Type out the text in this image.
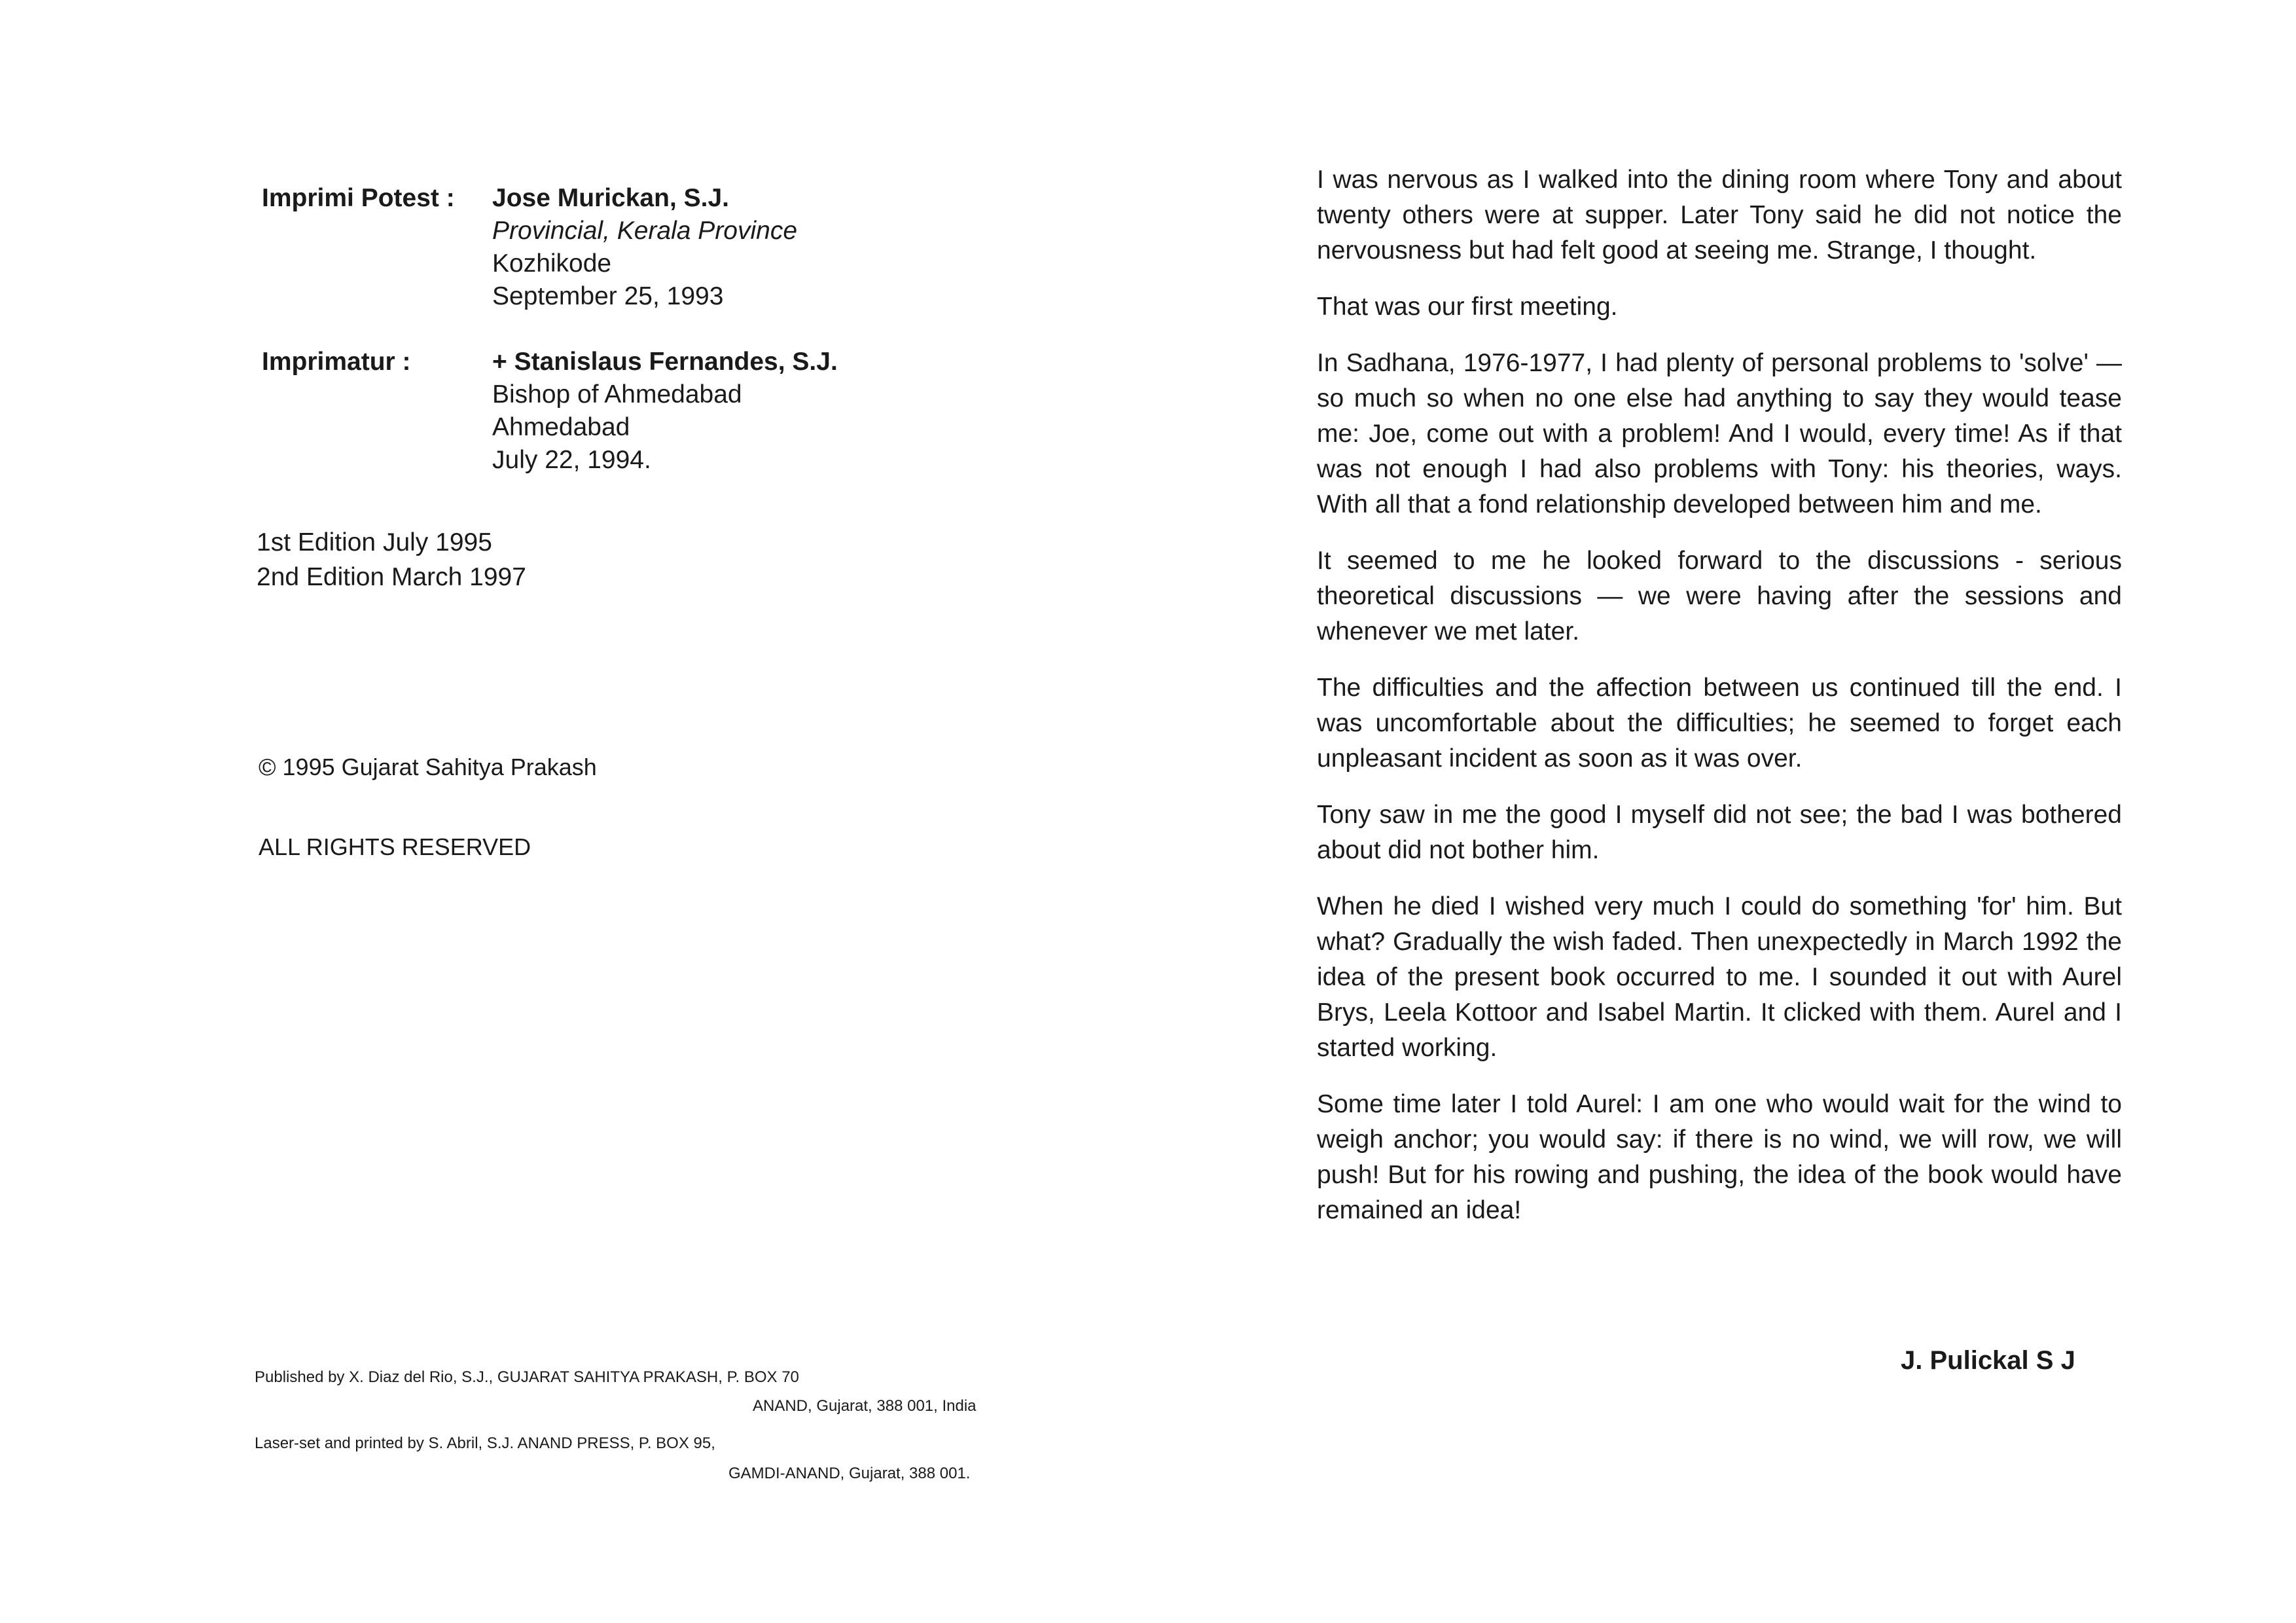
Imprimi Potest : Jose Murickan, S.J.
Provincial, Kerala Province
Kozhikode
September 25, 1993
Imprimatur :	+ Stanislaus Fernandes, S.J.
Bishop of Ahmedabad
Ahmedabad
July 22, 1994.
1st Edition July 1995
2nd Edition March 1997
© 1995 Gujarat Sahitya Prakash
ALL RIGHTS RESERVED
Published by X. Diaz del Rio, S.J., GUJARAT SAHITYA PRAKASH, P. BOX 70
ANAND, Gujarat, 388 001, India
Laser-set and printed by S. Abril, S.J. ANAND PRESS, P. BOX 95,
GAMDI-ANAND, Gujarat, 388 001.

I was nervous as I walked into the dining room where Tony and about twenty others were at supper. Later Tony said he did not notice the nervousness but had felt good at seeing me. Strange, I thought.

That was our first meeting.

In Sadhana, 1976-1977, I had plenty of personal problems to 'solve' — so much so when no one else had anything to say they would tease me: Joe, come out with a problem! And I would, every time! As if that was not enough I had also problems with Tony: his theories, ways. With all that a fond relationship developed between him and me.

It seemed to me he looked forward to the discussions - serious theoretical discussions — we were having after the sessions and whenever we met later.

The difficulties and the affection between us continued till the end. I was uncomfortable about the difficulties; he seemed to forget each unpleasant incident as soon as it was over.

Tony saw in me the good I myself did not see; the bad I was bothered about did not bother him.

When he died I wished very much I could do something 'for' him. But what? Gradually the wish faded. Then unexpectedly in March 1992 the idea of the present book occurred to me. I sounded it out with Aurel Brys, Leela Kottoor and Isabel Martin. It clicked with them. Aurel and I started working.

Some time later I told Aurel: I am one who would wait for the wind to weigh anchor; you would say: if there is no wind, we will row, we will push! But for his rowing and pushing, the idea of the book would have remained an idea!

J. Pulickal S J
